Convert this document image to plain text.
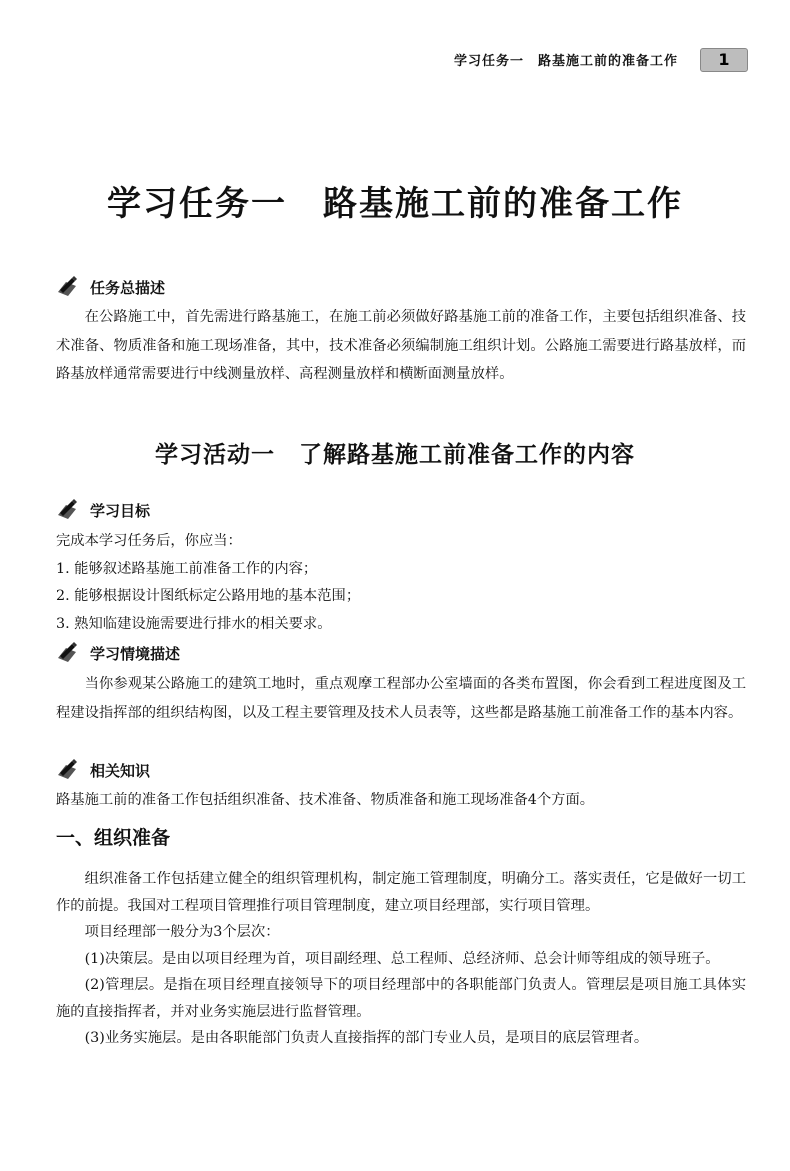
学习任务一　路基施工前的准备工作	1
学习任务一　路基施工前的准备工作
任务总描述

在公路施工中，首先需进行路基施工，在施工前必须做好路基施工前的准备工作，主要包括组织准备、技术准备、物质准备和施工现场准备，其中，技术准备必须编制施工组织计划。公路施工需要进行路基放样，而路基放样通常需要进行中线测量放样、高程测量放样和横断面测量放样。

学习活动一　了解路基施工前准备工作的内容
学习目标

完成本学习任务后，你应当：

1. 能够叙述路基施工前准备工作的内容；

2. 能够根据设计图纸标定公路用地的基本范围；

3. 熟知临建设施需要进行排水的相关要求。

学习情境描述

当你参观某公路施工的建筑工地时，重点观摩工程部办公室墙面的各类布置图，你会看到工程进度图及工程建设指挥部的组织结构图，以及工程主要管理及技术人员表等，这些都是路基施工前准备工作的基本内容。

相关知识

路基施工前的准备工作包括组织准备、技术准备、物质准备和施工现场准备4个方面。

一、组织准备

组织准备工作包括建立健全的组织管理机构，制定施工管理制度，明确分工。落实责任，它是做好一切工作的前提。我国对工程项目管理推行项目管理制度，建立项目经理部，实行项目管理。

项目经理部一般分为3个层次：

(1)决策层。是由以项目经理为首，项目副经理、总工程师、总经济师、总会计师等组成的领导班子。

(2)管理层。是指在项目经理直接领导下的项目经理部中的各职能部门负责人。管理层是项目施工具体实施的直接指挥者，并对业务实施层进行监督管理。

(3)业务实施层。是由各职能部门负责人直接指挥的部门专业人员，是项目的底层管理者。
